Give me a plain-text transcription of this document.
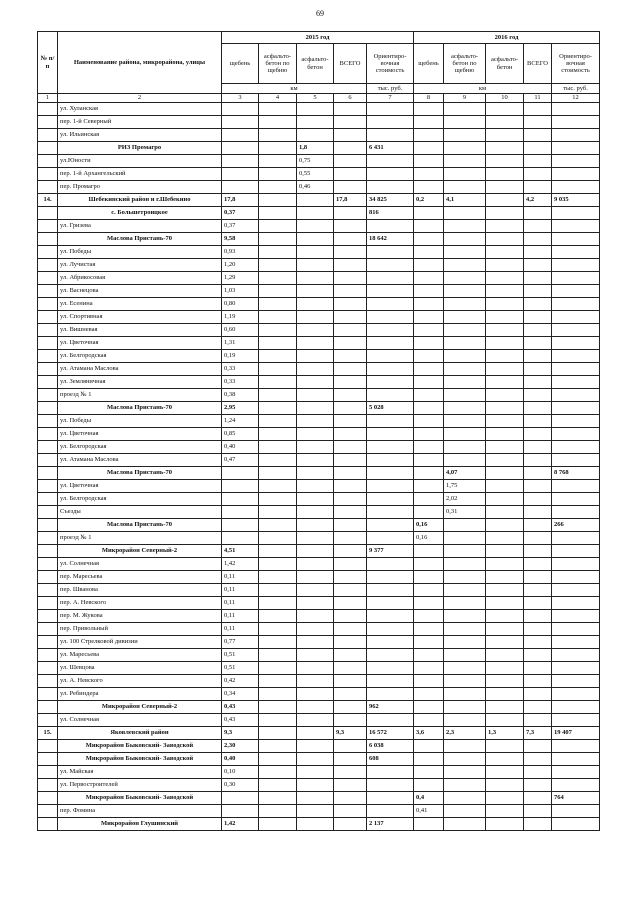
69
№ п/п	Наименование района, микрорайона, улицы	2015 год					2016 год				
		щебень	асфальто-бетон по щебню	асфальто-бетон	ВСЕГО	Ориентиро-вочная стоимость	щебень	асфальто-бетон по щебню	асфальто-бетон	ВСЕГО	Ориентиро-вочная стоимость
		км				тыс. руб.	км				тыс. руб.
1	2	3	4	5	6	7	8	9	10	11	12
	ул. Хуланская										
	пер. 1-й Северный										
	ул. Ильинская										
	РИЗ Промагро			1,8		6 431					
	ул.Юности			0,75							
	пер. 1-й Архангельский			0,55							
	пер. Промагро			0,46							
14.	Шебекинский район и г.Шебекино	17,8			17,8	34 825	0,2	4,1		4,2	9 035
	с. Большетроицкое	0,37				816					
	ул. Гризева	0,37									
	Маслова Пристань-70	9,58				18 642					
	ул. Победы	0,93									
	ул. Лучистая	1,20									
	ул. Абрикосовая	1,29									
	ул. Васнецова	1,03									
	ул. Есенина	0,80									
	ул. Спортивная	1,19									
	ул. Вишневая	0,60									
	ул. Цветочная	1,31									
	ул. Белгородская	0,19									
	ул. Атамана Маслова	0,33									
	ул. Земляничная	0,33									
	проезд № 1	0,38									
	Маслова Пристань-70	2,95				5 028					
	ул. Победы	1,24									
	ул. Цветочная	0,85									
	ул. Белгородская	0,40									
	ул. Атамана Маслова	0,47									
	Маслова Пристань-70							4,07			8 768
	ул. Цветочная							1,75			
	ул. Белгородская							2,02			
	Съезды							0,31			
	Маслова Пристань-70						0,16				266
	проезд № 1						0,16				
	Микрорайон Северный-2	4,51				9 377					
	ул. Солнечная	1,42									
	пер. Маресьева	0,11									
	пер. Шванова	0,11									
	пер. А. Невского	0,11									
	пер. М. Жукова	0,11									
	пер. Привольный	0,11									
	ул. 100 Стрелковой дивизии	0,77									
	ул. Маресьева	0,51									
	ул. Шевцова	0,51									
	ул. А. Невского	0,42									
	ул. Ребиндера	0,34									
	Микрорайон Северный-2	0,43				962					
	ул. Солнечная	0,43									
15.	Яковлевский район	9,3			9,3	16 572	3,6	2,3	1,3	7,3	19 407
	Микрорайон Быковский- Заводской	2,30				6 038					
	Микрорайон Быковский- Заводской	0,40				608					
	ул. Майская	0,10									
	ул. Первостроителей	0,30									
	Микрорайон Быковский- Заводской						0,4				764
	пер. Фомина						0,41				
	Микрорайон Глушинский	1,42				2 137					
